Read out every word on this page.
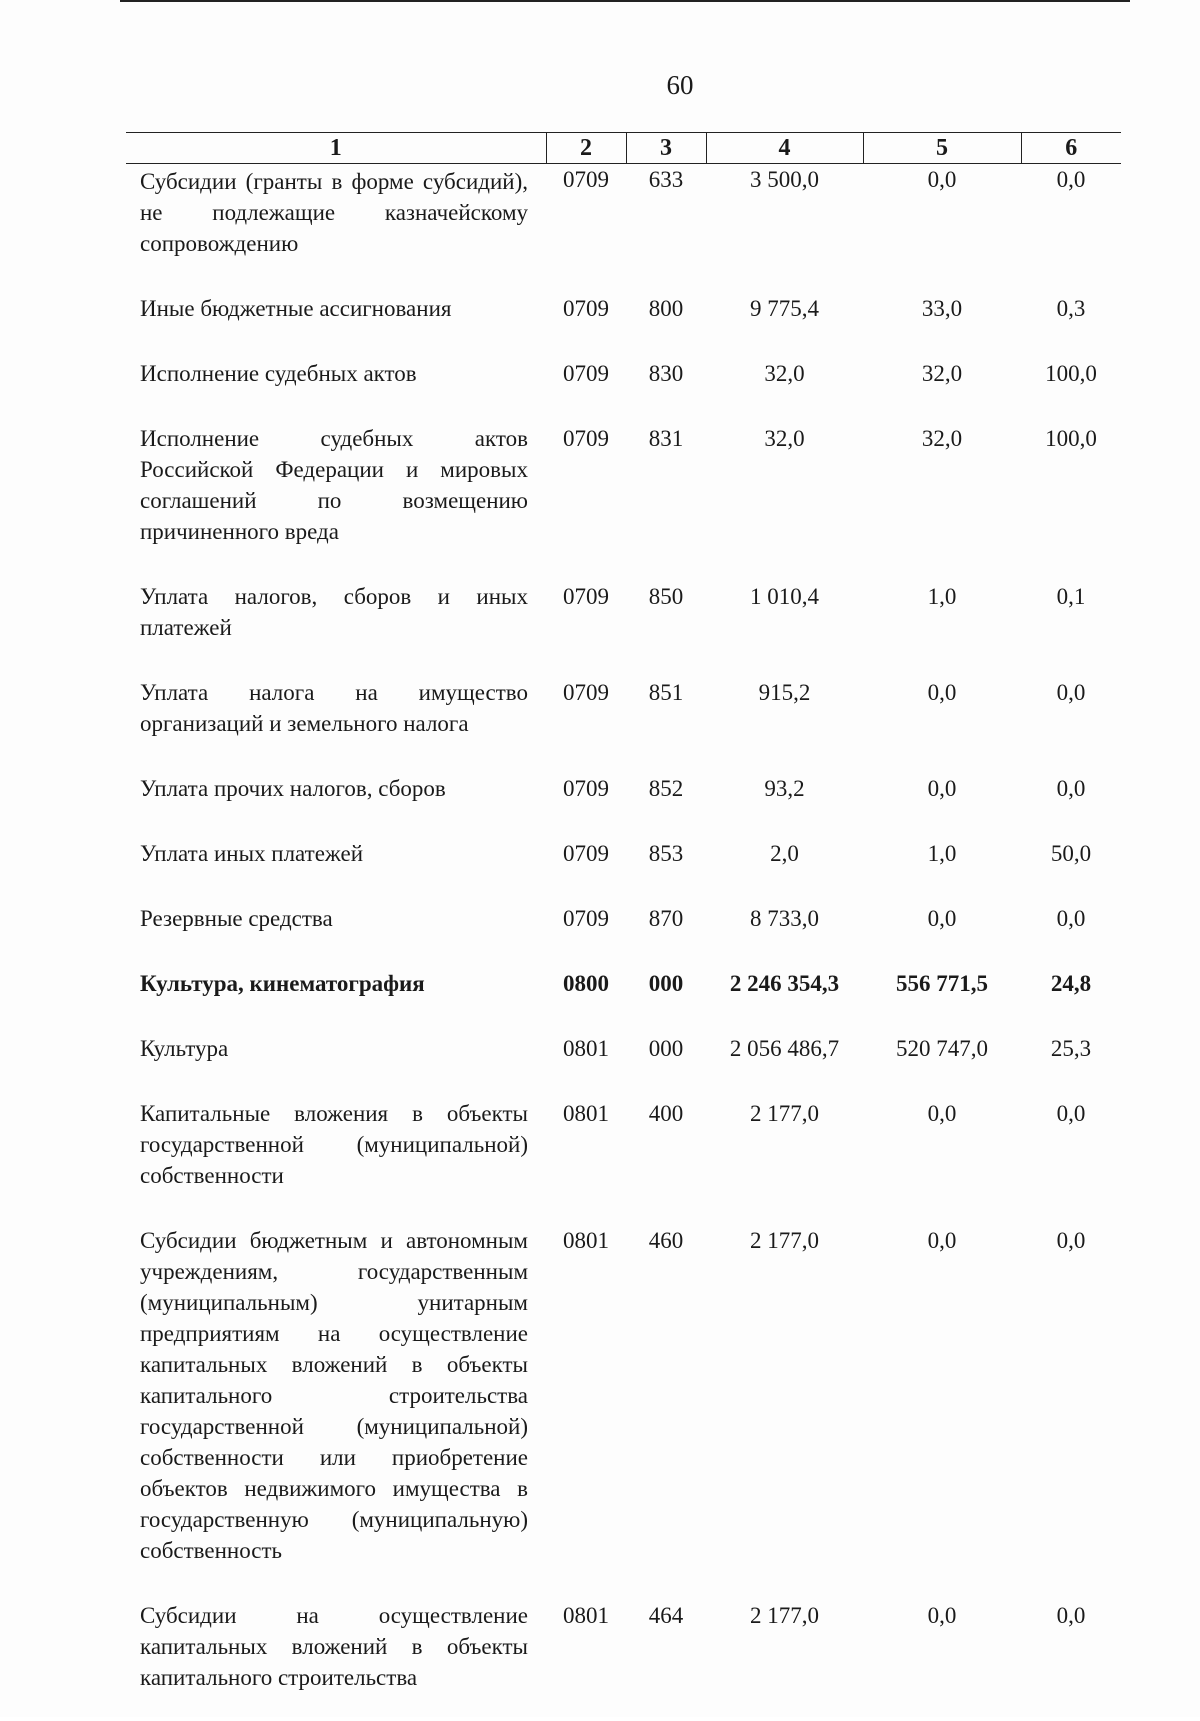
60
1	2	3	4	5	6
Субсидии (гранты в форме субсидий), не подлежащие казначейскому сопровождению	0709	633	3 500,0	0,0	0,0
Иные бюджетные ассигнования	0709	800	9 775,4	33,0	0,3
Исполнение судебных актов	0709	830	32,0	32,0	100,0
Исполнение судебных актов Российской Федерации и мировых соглашений по возмещению причиненного вреда	0709	831	32,0	32,0	100,0
Уплата налогов, сборов и иных платежей	0709	850	1 010,4	1,0	0,1
Уплата налога на имущество организаций и земельного налога	0709	851	915,2	0,0	0,0
Уплата прочих налогов, сборов	0709	852	93,2	0,0	0,0
Уплата иных платежей	0709	853	2,0	1,0	50,0
Резервные средства	0709	870	8 733,0	0,0	0,0
Культура, кинематография	0800	000	2 246 354,3	556 771,5	24,8
Культура	0801	000	2 056 486,7	520 747,0	25,3
Капитальные вложения в объекты государственной (муниципальной) собственности	0801	400	2 177,0	0,0	0,0
Субсидии бюджетным и автономным учреждениям, государственным (муниципальным) унитарным предприятиям на осуществление капитальных вложений в объекты капитального строительства государственной (муниципальной) собственности или приобретение объектов недвижимого имущества в государственную (муниципальную) собственность	0801	460	2 177,0	0,0	0,0
Субсидии на осуществление капитальных вложений в объекты капитального строительства	0801	464	2 177,0	0,0	0,0
